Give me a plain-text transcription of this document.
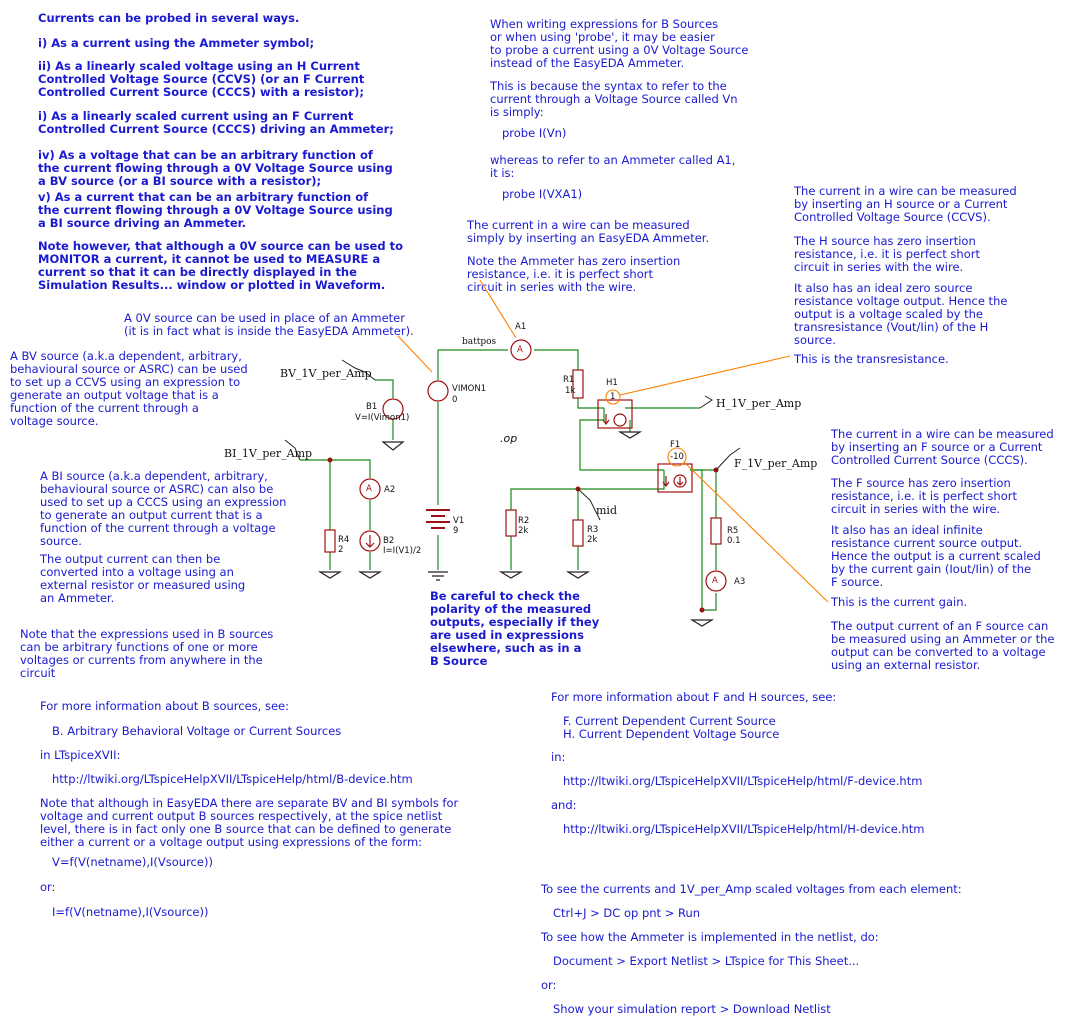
Currents can be probed in several ways.

i) As a current using the Ammeter symbol;

ii) As a linearly scaled voltage using an H Current
Controlled Voltage Source (CCVS) (or an F Current
Controlled Current Source (CCCS) with a resistor);

i) As a linearly scaled current using an F Current
Controlled Current Source (CCCS) driving an Ammeter;

iv) As a voltage that can be an arbitrary function of
the current flowing through a 0V Voltage Source using
a BV source (or a BI source with a resistor);

v) As a current that can be an arbitrary function of
the current flowing through a 0V Voltage Source using
a BI source driving an Ammeter.

Note however, that although a 0V source can be used to
MONITOR a current, it cannot be used to MEASURE a
current so that it can be directly displayed in the
Simulation Results... window or plotted in Waveform.

When writing expressions for B Sources
or when using 'probe', it may be easier
to probe a current using a 0V Voltage Source
instead of the EasyEDA Ammeter.

This is because the syntax to refer to the
current through a Voltage Source called Vn
is simply:

probe I(Vn)

whereas to refer to an Ammeter called A1,
it is:

probe I(VXA1)

The current in a wire can be measured
simply by inserting an EasyEDA Ammeter.

Note the Ammeter has zero insertion
resistance, i.e. it is perfect short
circuit in series with the wire.

The current in a wire can be measured
by inserting an H source or a Current
Controlled Voltage Source (CCVS).

The H source has zero insertion
resistance, i.e. it is perfect short
circuit in series with the wire.

It also has an ideal zero source
resistance voltage output. Hence the
output is a voltage scaled by the
transresistance (Vout/Iin) of the H
source.

This is the transresistance.

A 0V source can be used in place of an Ammeter
(it is in fact what is inside the EasyEDA Ammeter).

A BV source (a.k.a dependent, arbitrary,
behavioural source or ASRC) can be used
to set up a CCVS using an expression to
generate an output voltage that is a
function of the current through a
voltage source.

A BI source (a.k.a dependent, arbitrary,
behavioural source or ASRC) can also be
used to set up a CCCS using an expression
to generate an output current that is a
function of the current through a voltage
source.

The output current can then be
converted into a voltage using an
external resistor or measured using
an Ammeter.

The current in a wire can be measured
by inserting an F source or a Current
Controlled Current Source (CCCS).

The F source has zero insertion
resistance, i.e. it is perfect short
circuit in series with the wire.

It also has an ideal infinite
resistance current source output.
Hence the output is a current scaled
by the current gain (Iout/Iin) of the
F source.

This is the current gain.

The output current of an F source can
be measured using an Ammeter or the
output can be converted to a voltage
using an external resistor.

Be careful to check the
polarity of the measured
outputs, especially if they
are used in expressions
elsewhere, such as in a
B Source

Note that the expressions used in B sources
can be arbitrary functions of one or more
voltages or currents from anywhere in the
circuit

For more information about B sources, see:

B. Arbitrary Behavioral Voltage or Current Sources

in LTspiceXVII:

http://ltwiki.org/LTspiceHelpXVII/LTspiceHelp/html/B-device.htm

Note that although in EasyEDA there are separate BV and BI symbols for
voltage and current output B sources respectively, at the spice netlist
level, there is in fact only one B source that can be defined to generate
either a current or a voltage output using expressions of the form:

V=f(V(netname),I(Vsource))

or:

I=f(V(netname),I(Vsource))

For more information about F and H sources, see:

F. Current Dependent Current Source
H. Current Dependent Voltage Source

in:

http://ltwiki.org/LTspiceHelpXVII/LTspiceHelp/html/F-device.htm

and:

http://ltwiki.org/LTspiceHelpXVII/LTspiceHelp/html/H-device.htm

To see the currents and 1V_per_Amp scaled voltages from each element:

Ctrl+J > DC op pnt > Run

To see how the Ammeter is implemented in the netlist, do:

Document > Export Netlist > LTspice for This Sheet...

or:

Show your simulation report > Download Netlist

A1
A
A
A
A2
A3
battpos
BV_1V_per_Amp
BI_1V_per_Amp
H_1V_per_Amp
F_1V_per_Amp
mid
.op
VIMON1
0
V1
9
R1
1k
R2
2k	R3
2k
R4
2
R5
0.1
H1
1
F1
-10
B1
V=I(Vimon1)
B2
I=I(V1)/2
